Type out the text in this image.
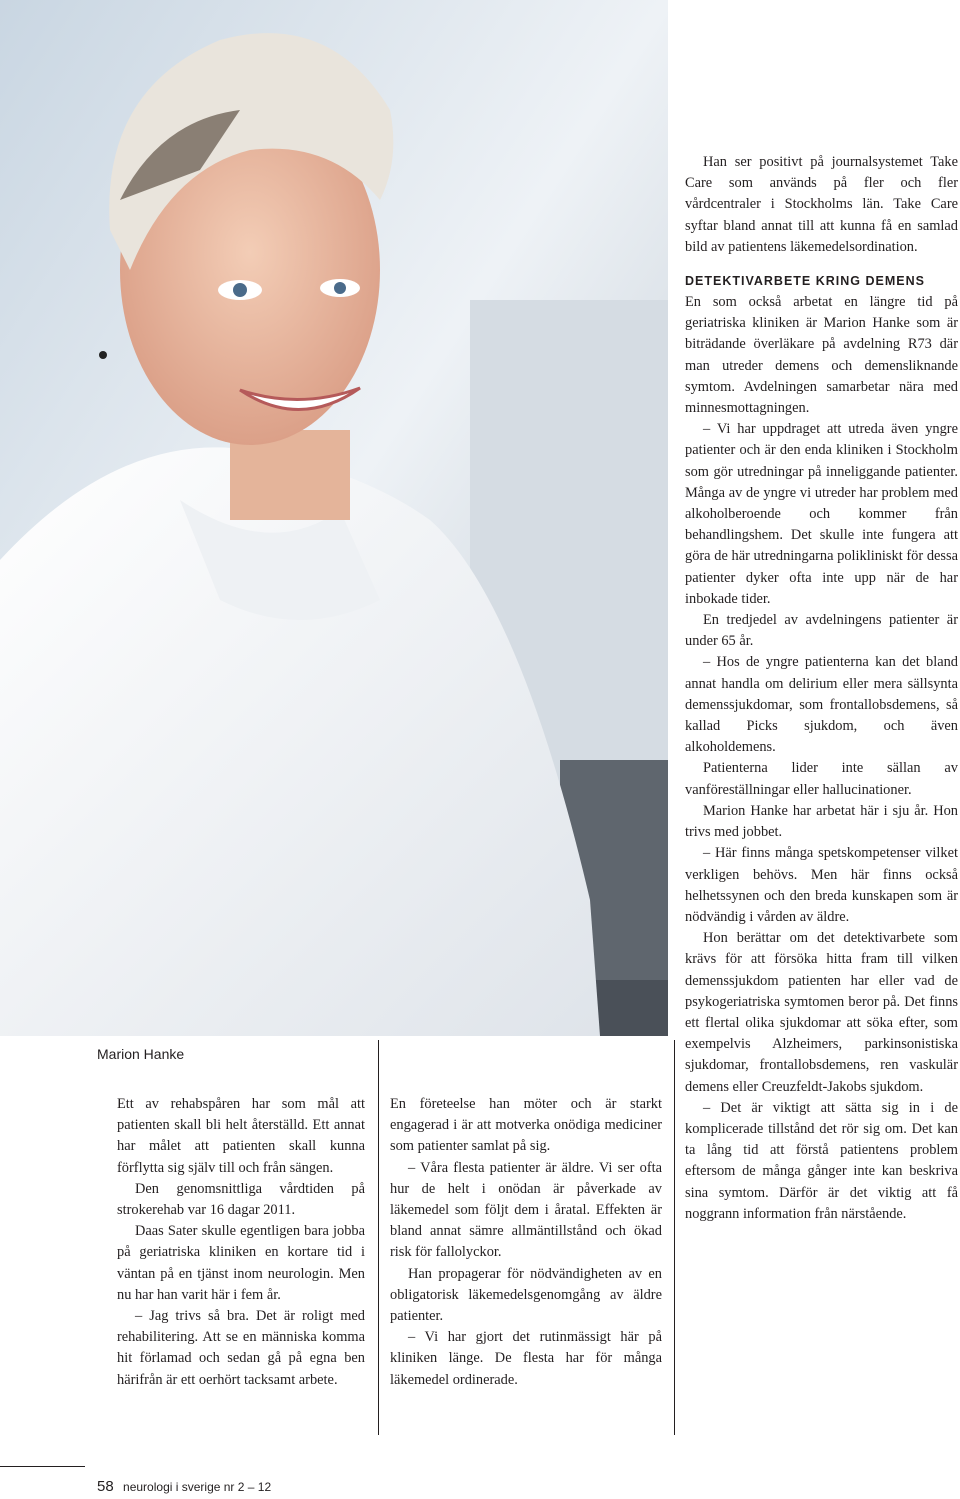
Marion Hanke

Ett av rehabspåren har som mål att patienten skall bli helt återställd. Ett annat har målet att patienten skall kunna förflytta sig själv till och från sängen.

Den genomsnittliga vårdtiden på strokerehab var 16 dagar 2011.

Daas Sater skulle egentligen bara jobba på geriatriska kliniken en kortare tid i väntan på en tjänst inom neurologin. Men nu har han varit här i fem år.

– Jag trivs så bra. Det är roligt med rehabilitering. Att se en människa komma hit förlamad och sedan gå på egna ben härifrån är ett oerhört tacksamt arbete.

En företeelse han möter och är starkt engagerad i är att motverka onödiga mediciner som patienter samlat på sig.

– Våra flesta patienter är äldre. Vi ser ofta hur de helt i onödan är påverkade av läkemedel som följt dem i åratal. Effekten är bland annat sämre allmäntillstånd och ökad risk för fallolyckor.

Han propagerar för nödvändigheten av en obligatorisk läkemedelsgenomgång av äldre patienter.

– Vi har gjort det rutinmässigt här på kliniken länge. De flesta har för många läkemedel ordinerade.

Han ser positivt på journalsystemet Take Care som används på fler och fler vårdcentraler i Stockholms län. Take Care syftar bland annat till att kunna få en samlad bild av patientens läkemedelsordination.

DETEKTIVARBETE KRING DEMENS

En som också arbetat en längre tid på geriatriska kliniken är Marion Hanke som är biträdande överläkare på avdelning R73 där man utreder demens och demensliknande symtom. Avdelningen samarbetar nära med minnesmottagningen.

– Vi har uppdraget att utreda även yngre patienter och är den enda kliniken i Stockholm som gör utredningar på inneliggande patienter. Många av de yngre vi utreder har problem med alkoholberoende och kommer från behandlingshem. Det skulle inte fungera att göra de här utredningarna polikliniskt för dessa patienter dyker ofta inte upp när de har inbokade tider.

En tredjedel av avdelningens patienter är under 65 år.

– Hos de yngre patienterna kan det bland annat handla om delirium eller mera sällsynta demenssjukdomar, som frontallobsdemens, så kallad Picks sjukdom, och även alkoholdemens.

Patienterna lider inte sällan av vanföreställningar eller hallucinationer.

Marion Hanke har arbetat här i sju år. Hon trivs med jobbet.

– Här finns många spetskompetenser vilket verkligen behövs. Men här finns också helhetssynen och den breda kunskapen som är nödvändig i vården av äldre.

Hon berättar om det detektivarbete som krävs för att försöka hitta fram till vilken demenssjukdom patienten har eller vad de psykogeriatriska symtomen beror på. Det finns ett flertal olika sjukdomar att söka efter, som exempelvis Alzheimers, parkinsonistiska sjukdomar, frontallobsdemens, ren vaskulär demens eller Creuzfeldt-Jakobs sjukdom.

– Det är viktigt att sätta sig in i de komplicerade tillstånd det rör sig om. Det kan ta lång tid att förstå patientens problem eftersom de många gånger inte kan beskriva sina symtom. Därför är det viktig att få noggrann information från närstående.

58 neurologi i sverige nr 2 – 12
